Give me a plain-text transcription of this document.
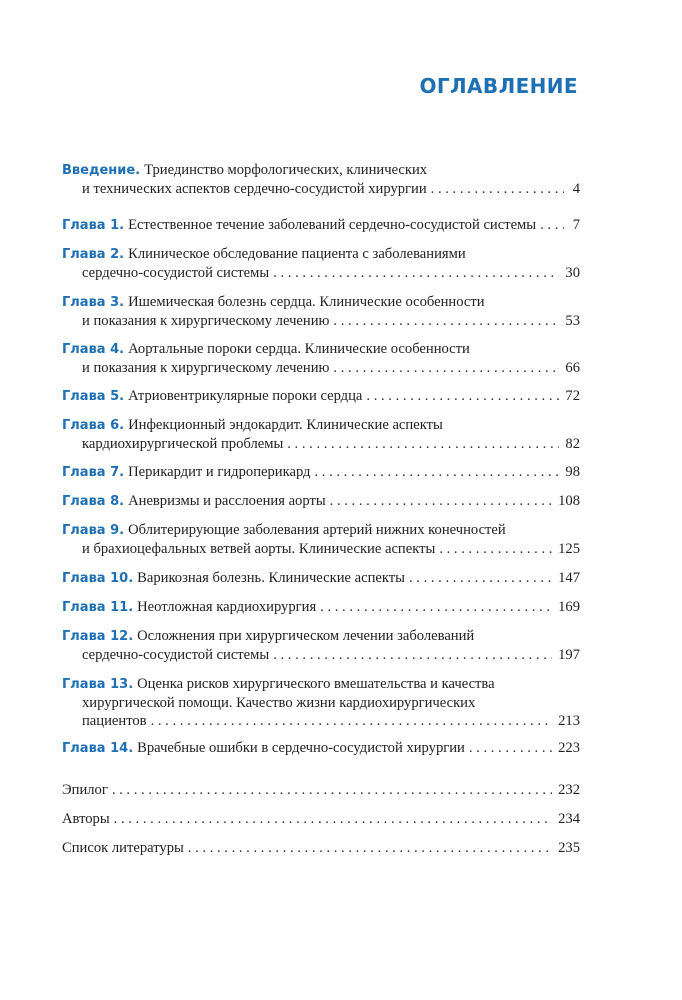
ОГЛАВЛЕНИЕ
Введение. Триединство морфологических, клинических
и технических аспектов сердечно-сосудистой хирургии . . .	4
Глава 1. Естественное течение заболеваний сердечно-сосудистой системы . . .	7
Глава 2. Клиническое обследование пациента с заболеваниями
сердечно-сосудистой системы . . .	30
Глава 3. Ишемическая болезнь сердца. Клинические особенности
и показания к хирургическому лечению . . .	53
Глава 4. Аортальные пороки сердца. Клинические особенности
и показания к хирургическому лечению . . .	66
Глава 5. Атриовентрикулярные пороки сердца . . .	72
Глава 6. Инфекционный эндокардит. Клинические аспекты
кардиохирургической проблемы . . .	82
Глава 7. Перикардит и гидроперикард . . .	98
Глава 8. Аневризмы и расслоения аорты . . .	108
Глава 9. Облитерирующие заболевания артерий нижних конечностей
и брахиоцефальных ветвей аорты. Клинические аспекты . . .	125
Глава 10. Варикозная болезнь. Клинические аспекты . . .	147
Глава 11. Неотложная кардиохирургия . . .	169
Глава 12. Осложнения при хирургическом лечении заболеваний
сердечно-сосудистой системы . . .	197
Глава 13. Оценка рисков хирургического вмешательства и качества
хирургической помощи. Качество жизни кардиохирургических
пациентов . . .	213
Глава 14. Врачебные ошибки в сердечно-сосудистой хирургии . . .	223
Эпилог . . .	232
Авторы . . .	234
Список литературы . . .	235
